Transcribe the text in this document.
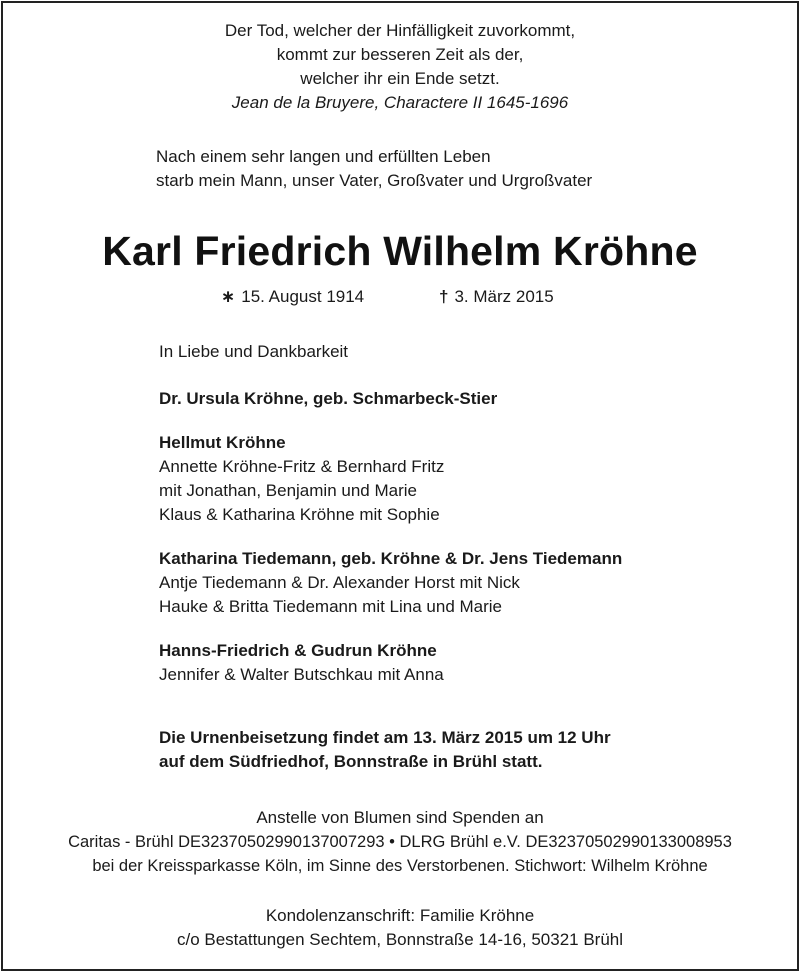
Der Tod, welcher der Hinfälligkeit zuvorkommt,
kommt zur besseren Zeit als der,
welcher ihr ein Ende setzt.
Jean de la Bruyere, Charactere II 1645-1696
Nach einem sehr langen und erfüllten Leben
starb mein Mann, unser Vater, Großvater und Urgroßvater
Karl Friedrich Wilhelm Kröhne
∗ 15. August 1914	† 3. März 2015
In Liebe und Dankbarkeit
Dr. Ursula Kröhne, geb. Schmarbeck-Stier
Hellmut Kröhne
Annette Kröhne-Fritz & Bernhard Fritz
mit Jonathan, Benjamin und Marie
Klaus & Katharina Kröhne mit Sophie
Katharina Tiedemann, geb. Kröhne & Dr. Jens Tiedemann
Antje Tiedemann & Dr. Alexander Horst mit Nick
Hauke & Britta Tiedemann mit Lina und Marie
Hanns-Friedrich & Gudrun Kröhne
Jennifer & Walter Butschkau mit Anna
Die Urnenbeisetzung findet am 13. März 2015 um 12 Uhr
auf dem Südfriedhof, Bonnstraße in Brühl statt.
Anstelle von Blumen sind Spenden an
Caritas - Brühl DE32370502990137007293 • DLRG Brühl e.V. DE32370502990133008953
bei der Kreissparkasse Köln, im Sinne des Verstorbenen. Stichwort: Wilhelm Kröhne
Kondolenzanschrift: Familie Kröhne
c/o Bestattungen Sechtem, Bonnstraße 14-16, 50321 Brühl
